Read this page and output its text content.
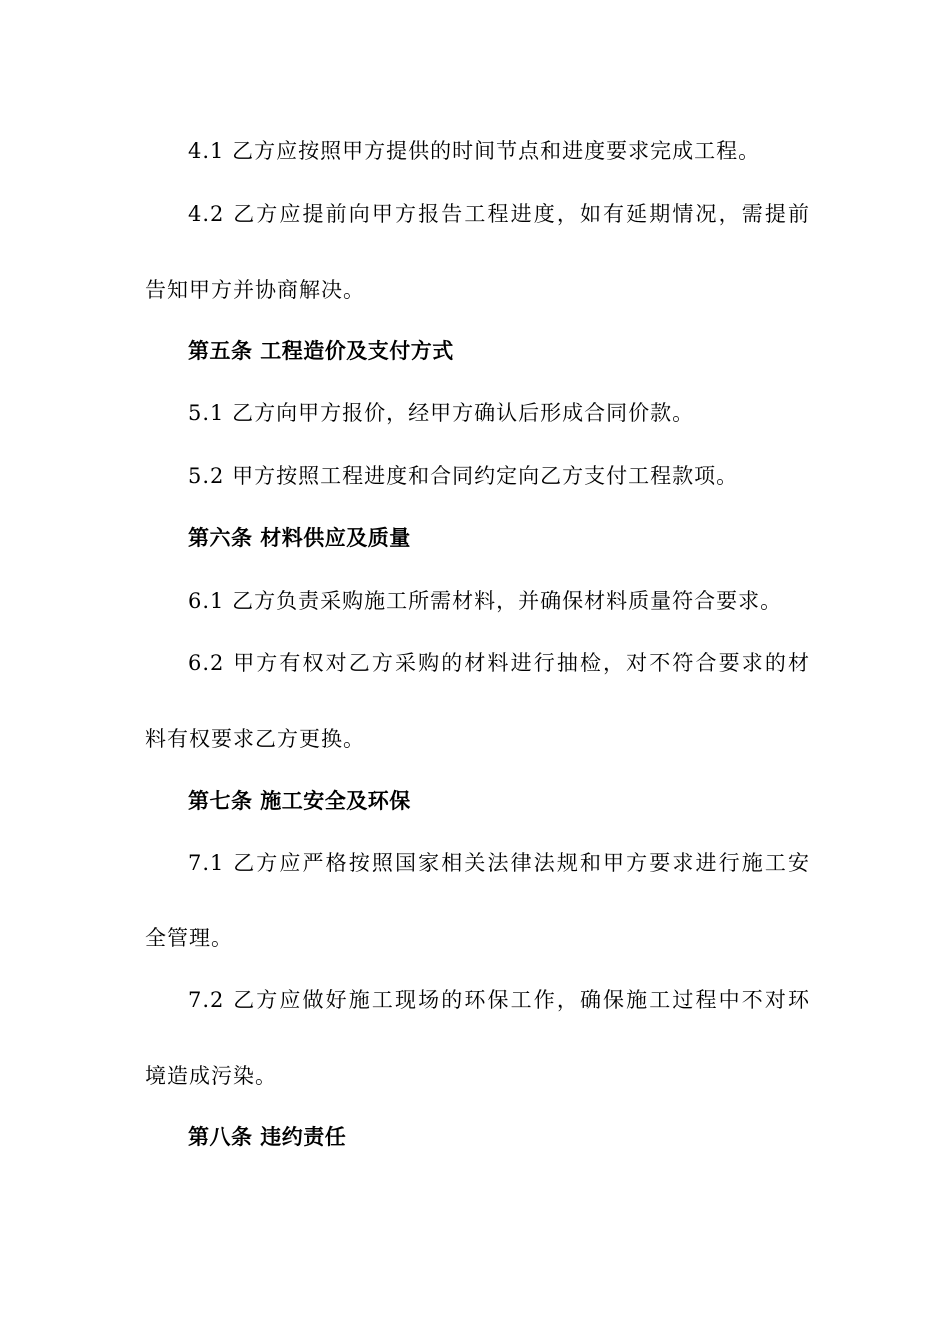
4.1 乙方应按照甲方提供的时间节点和进度要求完成工程。
4.2 乙方应提前向甲方报告工程进度，如有延期情况，需提前
告知甲方并协商解决。
第五条 工程造价及支付方式
5.1 乙方向甲方报价，经甲方确认后形成合同价款。
5.2 甲方按照工程进度和合同约定向乙方支付工程款项。
第六条 材料供应及质量
6.1 乙方负责采购施工所需材料，并确保材料质量符合要求。
6.2 甲方有权对乙方采购的材料进行抽检，对不符合要求的材
料有权要求乙方更换。
第七条 施工安全及环保
7.1 乙方应严格按照国家相关法律法规和甲方要求进行施工安
全管理。
7.2 乙方应做好施工现场的环保工作，确保施工过程中不对环
境造成污染。
第八条 违约责任
